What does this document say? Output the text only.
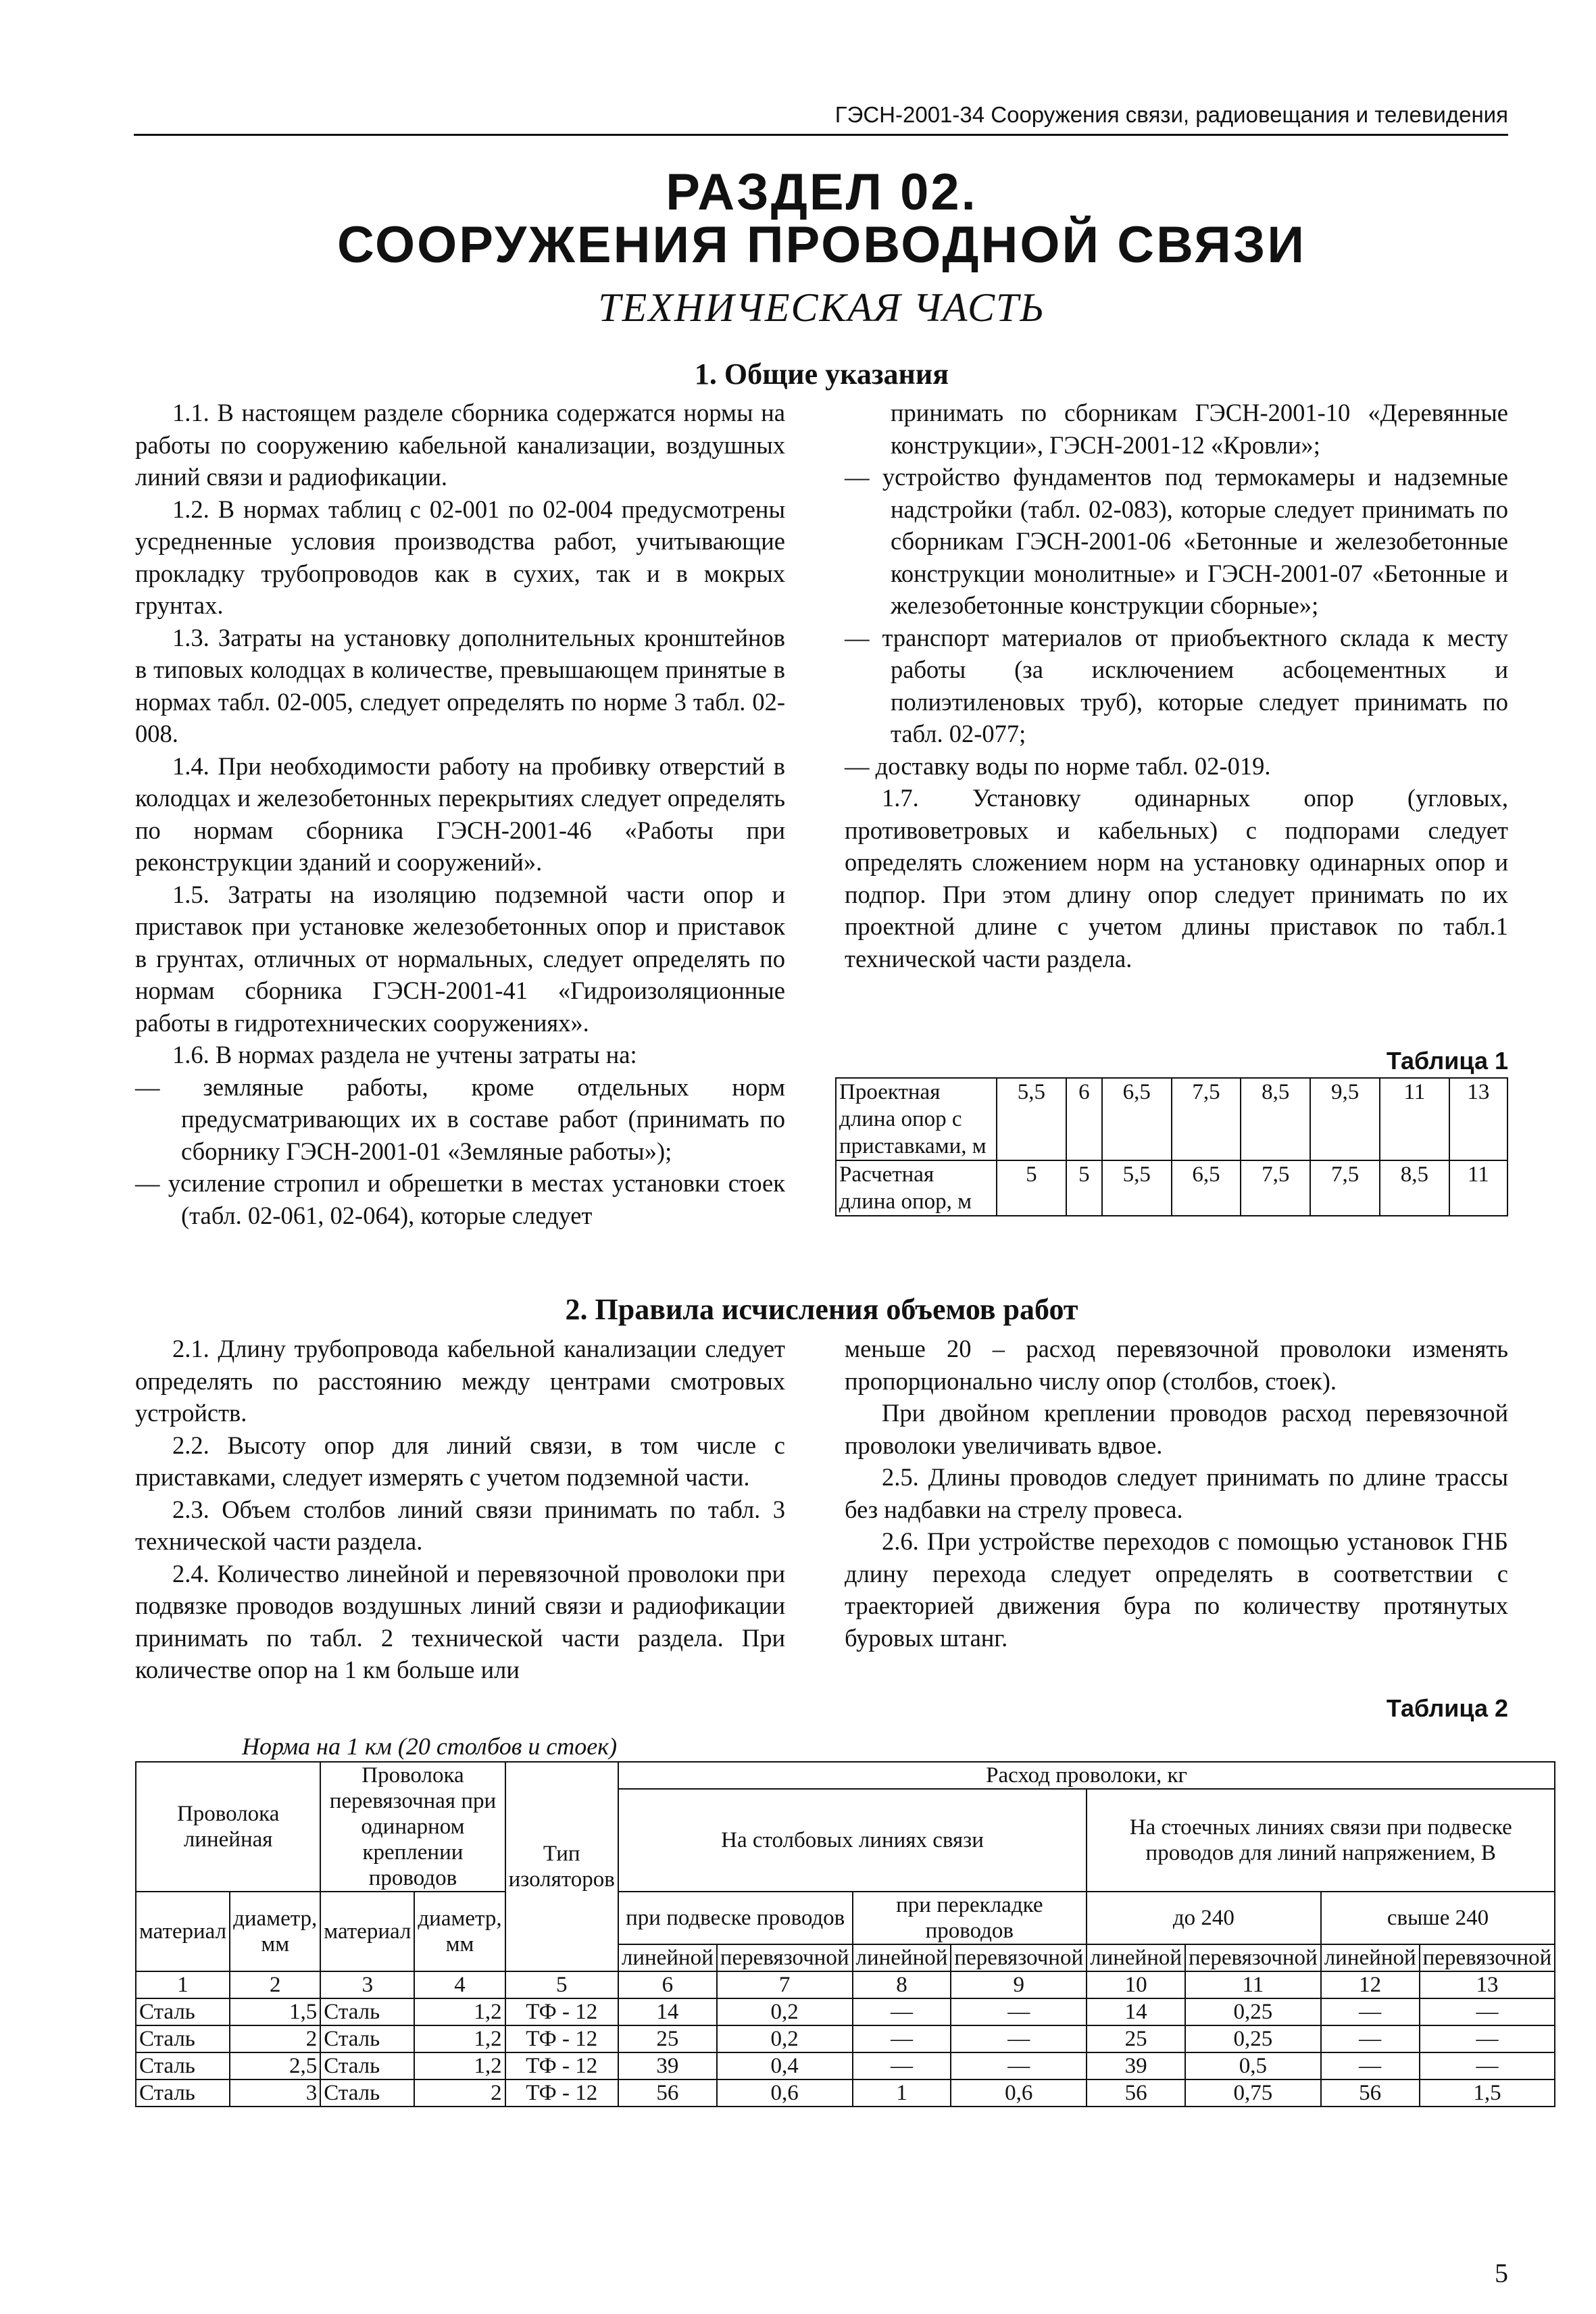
ГЭСН-2001-34 Сооружения связи, радиовещания и телевидения
РАЗДЕЛ 02.
СООРУЖЕНИЯ ПРОВОДНОЙ СВЯЗИ
ТЕХНИЧЕСКАЯ ЧАСТЬ
1. Общие указания

1.1. В настоящем разделе сборника содержатся нормы на работы по сооружению кабельной канализации, воздушных линий связи и радиофикации.

1.2. В нормах таблиц с 02-001 по 02-004 предусмотрены усредненные условия производства работ, учитывающие прокладку трубопроводов как в сухих, так и в мокрых грунтах.

1.3. Затраты на установку дополнительных кронштейнов в типовых колодцах в количестве, превышающем принятые в нормах табл. 02-005, следует определять по норме 3 табл. 02-008.

1.4. При необходимости работу на пробивку отверстий в колодцах и железобетонных перекрытиях следует определять по нормам сборника ГЭСН-2001-46 «Работы при реконструкции зданий и сооружений».

1.5. Затраты на изоляцию подземной части опор и приставок при установке железобетонных опор и приставок в грунтах, отличных от нормальных, следует определять по нормам сборника ГЭСН-2001-41 «Гидроизоляционные работы в гидротехнических сооружениях».

1.6. В нормах раздела не учтены затраты на:

— земляные работы, кроме отдельных норм предусматривающих их в составе работ (принимать по сборнику ГЭСН-2001-01 «Земляные работы»);

— усиление стропил и обрешетки в местах установки стоек (табл. 02-061, 02-064), которые следует

принимать по сборникам ГЭСН-2001-10 «Деревянные конструкции», ГЭСН-2001-12 «Кровли»;

— устройство фундаментов под термокамеры и надземные надстройки (табл. 02-083), которые следует принимать по сборникам ГЭСН-2001-06 «Бетонные и железобетонные конструкции монолитные» и ГЭСН-2001-07 «Бетонные и железобетонные конструкции сборные»;

— транспорт материалов от приобъектного склада к месту работы (за исключением асбоцементных и полиэтиленовых труб), которые следует принимать по табл. 02-077;

— доставку воды по норме табл. 02-019.

1.7. Установку одинарных опор (угловых, противоветровых и кабельных) с подпорами следует определять сложением норм на установку одинарных опор и подпор. При этом длину опор следует принимать по их проектной длине с учетом длины приставок по табл.1 технической части раздела.

Таблица 1
Проектная длина опор с приставками, м	5,5	6	6,5	7,5	8,5	9,5	11	13
Расчетная длина опор, м	5	5	5,5	6,5	7,5	7,5	8,5	11
2. Правила исчисления объемов работ

2.1. Длину трубопровода кабельной канализации следует определять по расстоянию между центрами смотровых устройств.

2.2. Высоту опор для линий связи, в том числе с приставками, следует измерять с учетом подземной части.

2.3. Объем столбов линий связи принимать по табл. 3 технической части раздела.

2.4. Количество линейной и перевязочной проволоки при подвязке проводов воздушных линий связи и радиофикации принимать по табл. 2 технической части раздела. При количестве опор на 1 км больше или

меньше 20 – расход перевязочной проволоки изменять пропорционально числу опор (столбов, стоек).

При двойном креплении проводов расход перевязочной проволоки увеличивать вдвое.

2.5. Длины проводов следует принимать по длине трассы без надбавки на стрелу провеса.

2.6. При устройстве переходов с помощью установок ГНБ длину перехода следует определять в соответствии с траекторией движения бура по количеству протянутых буровых штанг.

Таблица 2
Норма на 1 км (20 столбов и стоек)
Проволока линейная		Проволока перевязочная при одинарном креплении проводов		Тип изоляторов	Расход проволоки, кг							
					На столбовых линиях связи				На стоечных линиях связи при подвеске проводов для линий напряжением, В			

материал	диаметр, мм	материал	диаметр, мм		при подвеске проводов		при перекладке проводов		до 240		свыше 240	
					линейной	перевязочной	линейной	перевязочной	линейной	перевязочной	линейной	перевязочной
1	2	3	4	5	6	7	8	9	10	11	12	13
Сталь	1,5	Сталь	1,2	ТФ - 12	14	0,2	—	—	14	0,25	—	—
Сталь	2	Сталь	1,2	ТФ - 12	25	0,2	—	—	25	0,25	—	—
Сталь	2,5	Сталь	1,2	ТФ - 12	39	0,4	—	—	39	0,5	—	—
Сталь	3	Сталь	2	ТФ - 12	56	0,6	1	0,6	56	0,75	56	1,5
5
